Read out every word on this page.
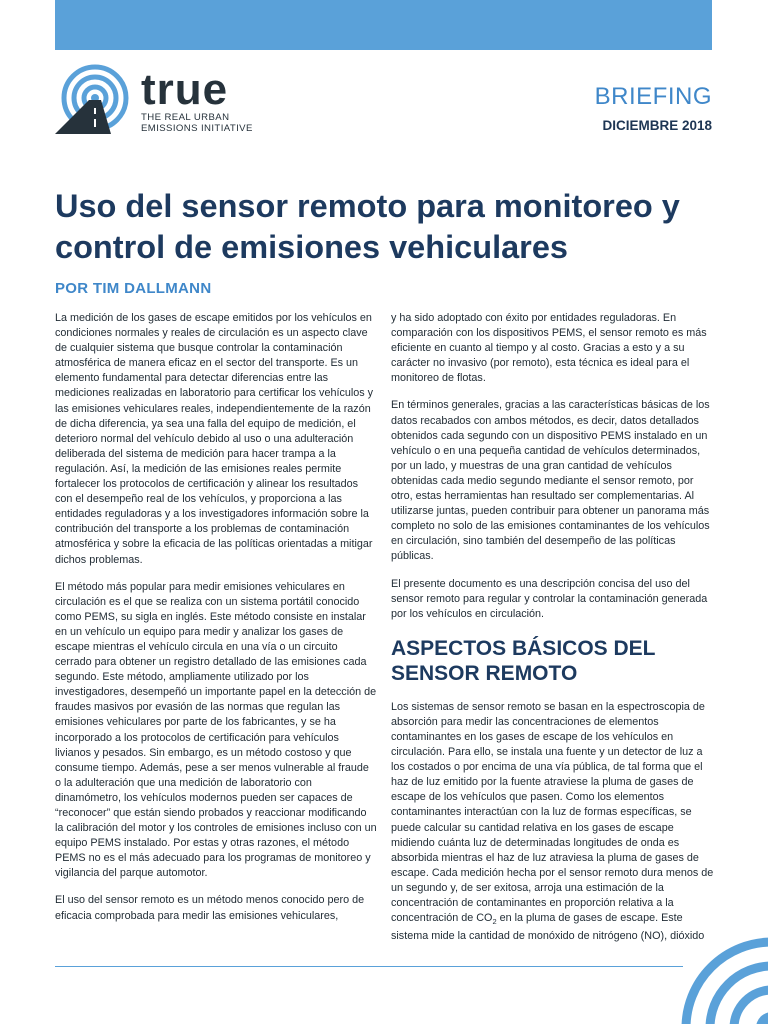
true
THE REAL URBAN
EMISSIONS INITIATIVE
BRIEFING
DICIEMBRE 2018
Uso del sensor remoto para monitoreo y control de emisiones vehiculares
POR TIM DALLMANN

La medición de los gases de escape emitidos por los vehículos en condiciones normales y reales de circulación es un aspecto clave de cualquier sistema que busque controlar la contaminación atmosférica de manera eficaz en el sector del transporte. Es un elemento fundamental para detectar diferencias entre las mediciones realizadas en laboratorio para certificar los vehículos y las emisiones vehiculares reales, independientemente de la razón de dicha diferencia, ya sea una falla del equipo de medición, el deterioro normal del vehículo debido al uso o una adulteración deliberada del sistema de medición para hacer trampa a la regulación. Así, la medición de las emisiones reales permite fortalecer los protocolos de certificación y alinear los resultados con el desempeño real de los vehículos, y proporciona a las entidades reguladoras y a los investigadores información sobre la contribución del transporte a los problemas de contaminación atmosférica y sobre la eficacia de las políticas orientadas a mitigar dichos problemas.

El método más popular para medir emisiones vehiculares en circulación es el que se realiza con un sistema portátil conocido como PEMS, su sigla en inglés. Este método consiste en instalar en un vehículo un equipo para medir y analizar los gases de escape mientras el vehículo circula en una vía o un circuito cerrado para obtener un registro detallado de las emisiones cada segundo. Este método, ampliamente utilizado por los investigadores, desempeñó un importante papel en la detección de fraudes masivos por evasión de las normas que regulan las emisiones vehiculares por parte de los fabricantes, y se ha incorporado a los protocolos de certificación para vehículos livianos y pesados. Sin embargo, es un método costoso y que consume tiempo. Además, pese a ser menos vulnerable al fraude o la adulteración que una medición de laboratorio con dinamómetro, los vehículos modernos pueden ser capaces de “reconocer” que están siendo probados y reaccionar modificando la calibración del motor y los controles de emisiones incluso con un equipo PEMS instalado. Por estas y otras razones, el método PEMS no es el más adecuado para los programas de monitoreo y vigilancia del parque automotor.

El uso del sensor remoto es un método menos conocido pero de eficacia comprobada para medir las emisiones vehiculares,

y ha sido adoptado con éxito por entidades reguladoras. En comparación con los dispositivos PEMS, el sensor remoto es más eficiente en cuanto al tiempo y al costo. Gracias a esto y a su carácter no invasivo (por remoto), esta técnica es ideal para el monitoreo de flotas.

En términos generales, gracias a las características básicas de los datos recabados con ambos métodos, es decir, datos detallados obtenidos cada segundo con un dispositivo PEMS instalado en un vehículo o en una pequeña cantidad de vehículos determinados, por un lado, y muestras de una gran cantidad de vehículos obtenidas cada medio segundo mediante el sensor remoto, por otro, estas herramientas han resultado ser complementarias. Al utilizarse juntas, pueden contribuir para obtener un panorama más completo no solo de las emisiones contaminantes de los vehículos en circulación, sino también del desempeño de las políticas públicas.

El presente documento es una descripción concisa del uso del sensor remoto para regular y controlar la contaminación generada por los vehículos en circulación.

ASPECTOS BÁSICOS DEL SENSOR REMOTO

Los sistemas de sensor remoto se basan en la espectroscopia de absorción para medir las concentraciones de elementos contaminantes en los gases de escape de los vehículos en circulación. Para ello, se instala una fuente y un detector de luz a los costados o por encima de una vía pública, de tal forma que el haz de luz emitido por la fuente atraviese la pluma de gases de escape de los vehículos que pasen. Como los elementos contaminantes interactúan con la luz de formas específicas, se puede calcular su cantidad relativa en los gases de escape midiendo cuánta luz de determinadas longitudes de onda es absorbida mientras el haz de luz atraviesa la pluma de gases de escape. Cada medición hecha por el sensor remoto dura menos de un segundo y, de ser exitosa, arroja una estimación de la concentración de contaminantes en proporción relativa a la concentración de $CO_2$ en la pluma de gases de escape. Este sistema mide la cantidad de monóxido de nitrógeno (NO), dióxido
